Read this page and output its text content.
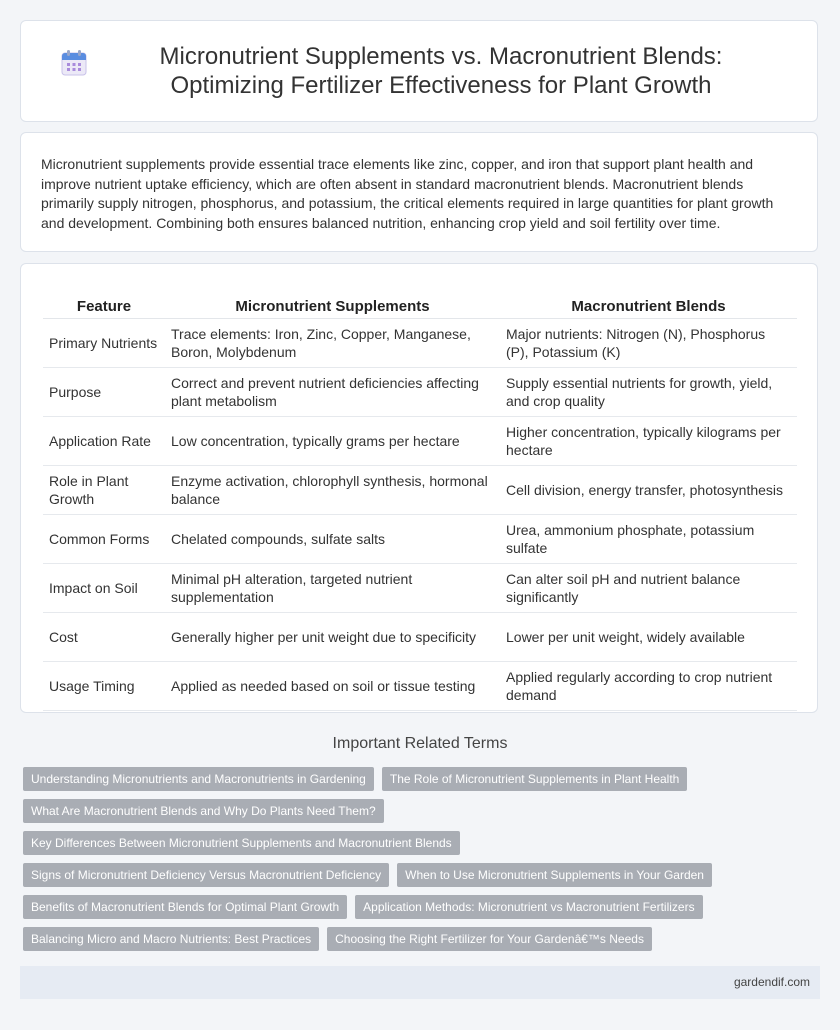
Micronutrient Supplements vs. Macronutrient Blends: Optimizing Fertilizer Effectiveness for Plant Growth

Micronutrient supplements provide essential trace elements like zinc, copper, and iron that support plant health and improve nutrient uptake efficiency, which are often absent in standard macronutrient blends. Macronutrient blends primarily supply nitrogen, phosphorus, and potassium, the critical elements required in large quantities for plant growth and development. Combining both ensures balanced nutrition, enhancing crop yield and soil fertility over time.

Feature	Micronutrient Supplements	Macronutrient Blends
Primary Nutrients	Trace elements: Iron, Zinc, Copper, Manganese, Boron, Molybdenum	Major nutrients: Nitrogen (N), Phosphorus (P), Potassium (K)
Purpose	Correct and prevent nutrient deficiencies affecting plant metabolism	Supply essential nutrients for growth, yield, and crop quality
Application Rate	Low concentration, typically grams per hectare	Higher concentration, typically kilograms per hectare
Role in Plant Growth	Enzyme activation, chlorophyll synthesis, hormonal balance	Cell division, energy transfer, photosynthesis
Common Forms	Chelated compounds, sulfate salts	Urea, ammonium phosphate, potassium sulfate
Impact on Soil	Minimal pH alteration, targeted nutrient supplementation	Can alter soil pH and nutrient balance significantly
Cost	Generally higher per unit weight due to specificity	Lower per unit weight, widely available
Usage Timing	Applied as needed based on soil or tissue testing	Applied regularly according to crop nutrient demand
Important Related Terms
Understanding Micronutrients and Macronutrients in Gardening	The Role of Micronutrient Supplements in Plant Health
What Are Macronutrient Blends and Why Do Plants Need Them?
Key Differences Between Micronutrient Supplements and Macronutrient Blends
Signs of Micronutrient Deficiency Versus Macronutrient Deficiency	When to Use Micronutrient Supplements in Your Garden
Benefits of Macronutrient Blends for Optimal Plant Growth	Application Methods: Micronutrient vs Macronutrient Fertilizers
Balancing Micro and Macro Nutrients: Best Practices	Choosing the Right Fertilizer for Your Gardenâ€™s Needs
gardendif.com
